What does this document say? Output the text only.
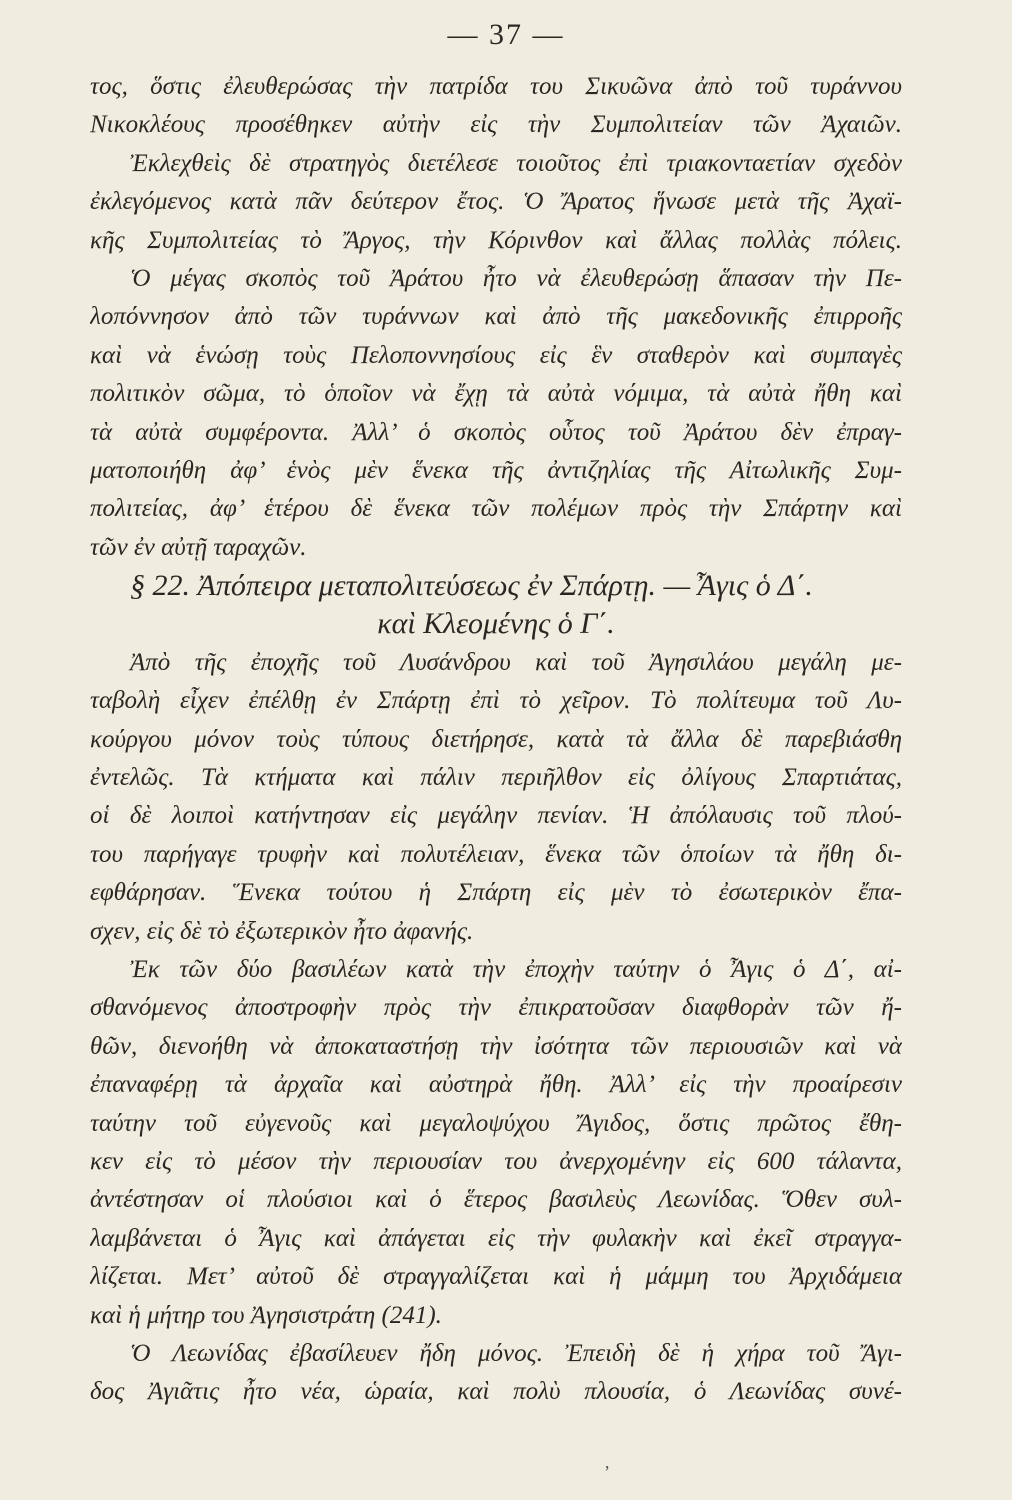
— 37 —
τος, ὅστις ἐλευθερώσας τὴν πατρίδα του Σικυῶνα ἀπὸ τοῦ τυράννου
Νικοκλέους προσέθηκεν αὐτὴν εἰς τὴν Συμπολιτείαν τῶν Ἀχαιῶν.
Ἐκλεχθεὶς δὲ στρατηγὸς διετέλεσε τοιοῦτος ἐπὶ τριακονταετίαν σχεδὸν
ἐκλεγόμενος κατὰ πᾶν δεύτερον ἔτος. Ὁ Ἄρατος ἥνωσε μετὰ τῆς Ἀχαϊ-
κῆς Συμπολιτείας τὸ Ἄργος, τὴν Κόρινθον καὶ ἄλλας πολλὰς πόλεις.
Ὁ μέγας σκοπὸς τοῦ Ἀράτου ἦτο νὰ ἐλευθερώσῃ ἅπασαν τὴν Πε-
λοπόννησον ἀπὸ τῶν τυράννων καὶ ἀπὸ τῆς μακεδονικῆς ἐπιρροῆς
καὶ νὰ ἑνώσῃ τοὺς Πελοποννησίους εἰς ἓν σταθερὸν καὶ συμπαγὲς
πολιτικὸν σῶμα, τὸ ὁποῖον νὰ ἔχῃ τὰ αὐτὰ νόμιμα, τὰ αὐτὰ ἤθη καὶ
τὰ αὐτὰ συμφέροντα. Ἀλλ’ ὁ σκοπὸς οὗτος τοῦ Ἀράτου δὲν ἐπραγ-
ματοποιήθη ἀφ’ ἑνὸς μὲν ἕνεκα τῆς ἀντιζηλίας τῆς Αἰτωλικῆς Συμ-
πολιτείας, ἀφ’ ἑτέρου δὲ ἕνεκα τῶν πολέμων πρὸς τὴν Σπάρτην καὶ
τῶν ἐν αὐτῇ ταραχῶν.
§ 22. Ἀπόπειρα μεταπολιτεύσεως ἐν Σπάρτῃ. — Ἆγις ὁ Δ΄.
καὶ Κλεομένης ὁ Γ΄.
Ἀπὸ τῆς ἐποχῆς τοῦ Λυσάνδρου καὶ τοῦ Ἀγησιλάου μεγάλη με-
ταβολὴ εἶχεν ἐπέλθῃ ἐν Σπάρτῃ ἐπὶ τὸ χεῖρον. Τὸ πολίτευμα τοῦ Λυ-
κούργου μόνον τοὺς τύπους διετήρησε, κατὰ τὰ ἄλλα δὲ παρεβιάσθη
ἐντελῶς. Τὰ κτήματα καὶ πάλιν περιῆλθον εἰς ὀλίγους Σπαρτιάτας,
οἱ δὲ λοιποὶ κατήντησαν εἰς μεγάλην πενίαν. Ἡ ἀπόλαυσις τοῦ πλού-
του παρήγαγε τρυφὴν καὶ πολυτέλειαν, ἕνεκα τῶν ὁποίων τὰ ἤθη δι-
εφθάρησαν. Ἕνεκα τούτου ἡ Σπάρτη εἰς μὲν τὸ ἐσωτερικὸν ἔπα-
σχεν, εἰς δὲ τὸ ἐξωτερικὸν ἦτο ἀφανής.
Ἐκ τῶν δύο βασιλέων κατὰ τὴν ἐποχὴν ταύτην ὁ Ἆγις ὁ Δ΄, αἰ-
σθανόμενος ἀποστροφὴν πρὸς τὴν ἐπικρατοῦσαν διαφθορὰν τῶν ἤ-
θῶν, διενοήθη νὰ ἀποκαταστήσῃ τὴν ἰσότητα τῶν περιουσιῶν καὶ νὰ
ἐπαναφέρῃ τὰ ἀρχαῖα καὶ αὐστηρὰ ἤθη. Ἀλλ’ εἰς τὴν προαίρεσιν
ταύτην τοῦ εὐγενοῦς καὶ μεγαλοψύχου Ἄγιδος, ὅστις πρῶτος ἔθη-
κεν εἰς τὸ μέσον τὴν περιουσίαν του ἀνερχομένην εἰς 600 τάλαντα,
ἀντέστησαν οἱ πλούσιοι καὶ ὁ ἕτερος βασιλεὺς Λεωνίδας. Ὅθεν συλ-
λαμβάνεται ὁ Ἆγις καὶ ἀπάγεται εἰς τὴν φυλακὴν καὶ ἐκεῖ στραγγα-
λίζεται. Μετ’ αὐτοῦ δὲ στραγγαλίζεται καὶ ἡ μάμμη του Ἀρχιδάμεια
καὶ ἡ μήτηρ του Ἀγησιστράτη (241).
Ὁ Λεωνίδας ἐβασίλευεν ἤδη μόνος. Ἐπειδὴ δὲ ἡ χήρα τοῦ Ἄγι-
δος Ἀγιᾶτις ἦτο νέα, ὡραία, καὶ πολὺ πλουσία, ὁ Λεωνίδας συνέ-
ʼ
